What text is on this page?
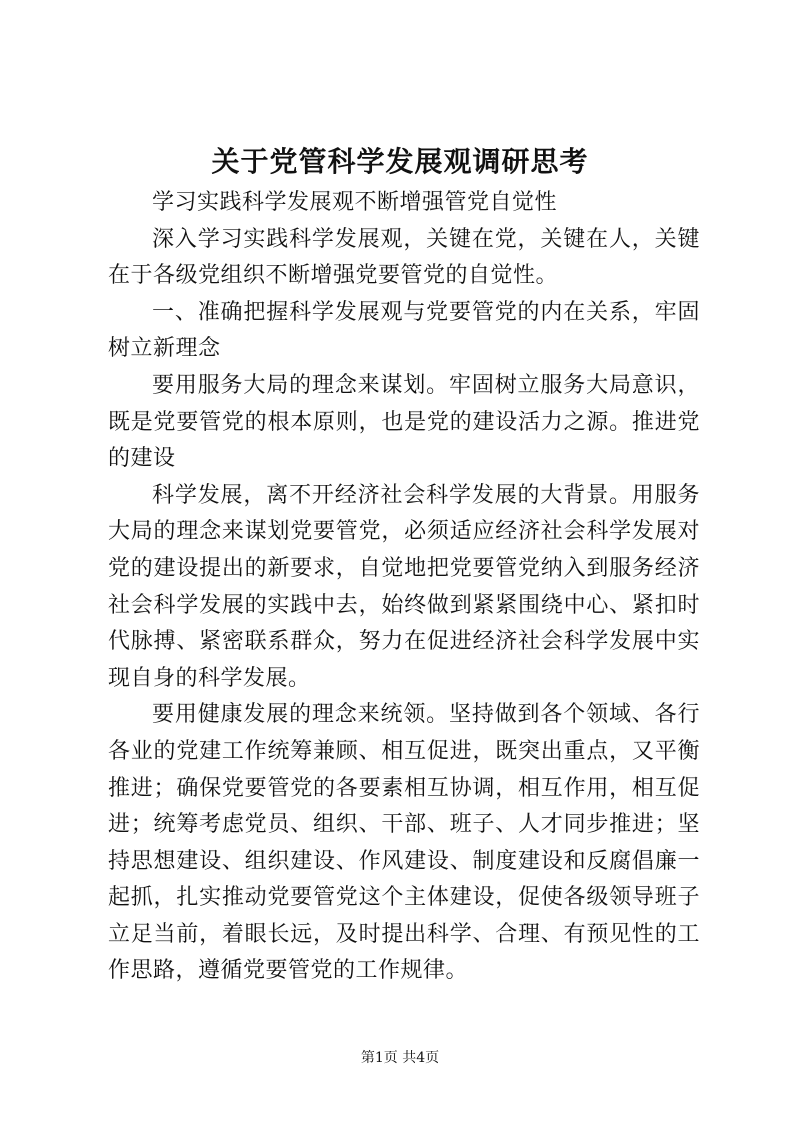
关于党管科学发展观调研思考

学习实践科学发展观不断增强管党自觉性

深入学习实践科学发展观，关键在党，关键在人，关键在于各级党组织不断增强党要管党的自觉性。

一、准确把握科学发展观与党要管党的内在关系，牢固树立新理念

要用服务大局的理念来谋划。牢固树立服务大局意识，既是党要管党的根本原则，也是党的建设活力之源。推进党的建设

科学发展，离不开经济社会科学发展的大背景。用服务大局的理念来谋划党要管党，必须适应经济社会科学发展对党的建设提出的新要求，自觉地把党要管党纳入到服务经济社会科学发展的实践中去，始终做到紧紧围绕中心、紧扣时代脉搏、紧密联系群众，努力在促进经济社会科学发展中实现自身的科学发展。

要用健康发展的理念来统领。坚持做到各个领域、各行各业的党建工作统筹兼顾、相互促进，既突出重点，又平衡推进；确保党要管党的各要素相互协调，相互作用，相互促进；统筹考虑党员、组织、干部、班子、人才同步推进；坚持思想建设、组织建设、作风建设、制度建设和反腐倡廉一起抓，扎实推动党要管党这个主体建设，促使各级领导班子立足当前，着眼长远，及时提出科学、合理、有预见性的工作思路，遵循党要管党的工作规律。

第1页 共4页
